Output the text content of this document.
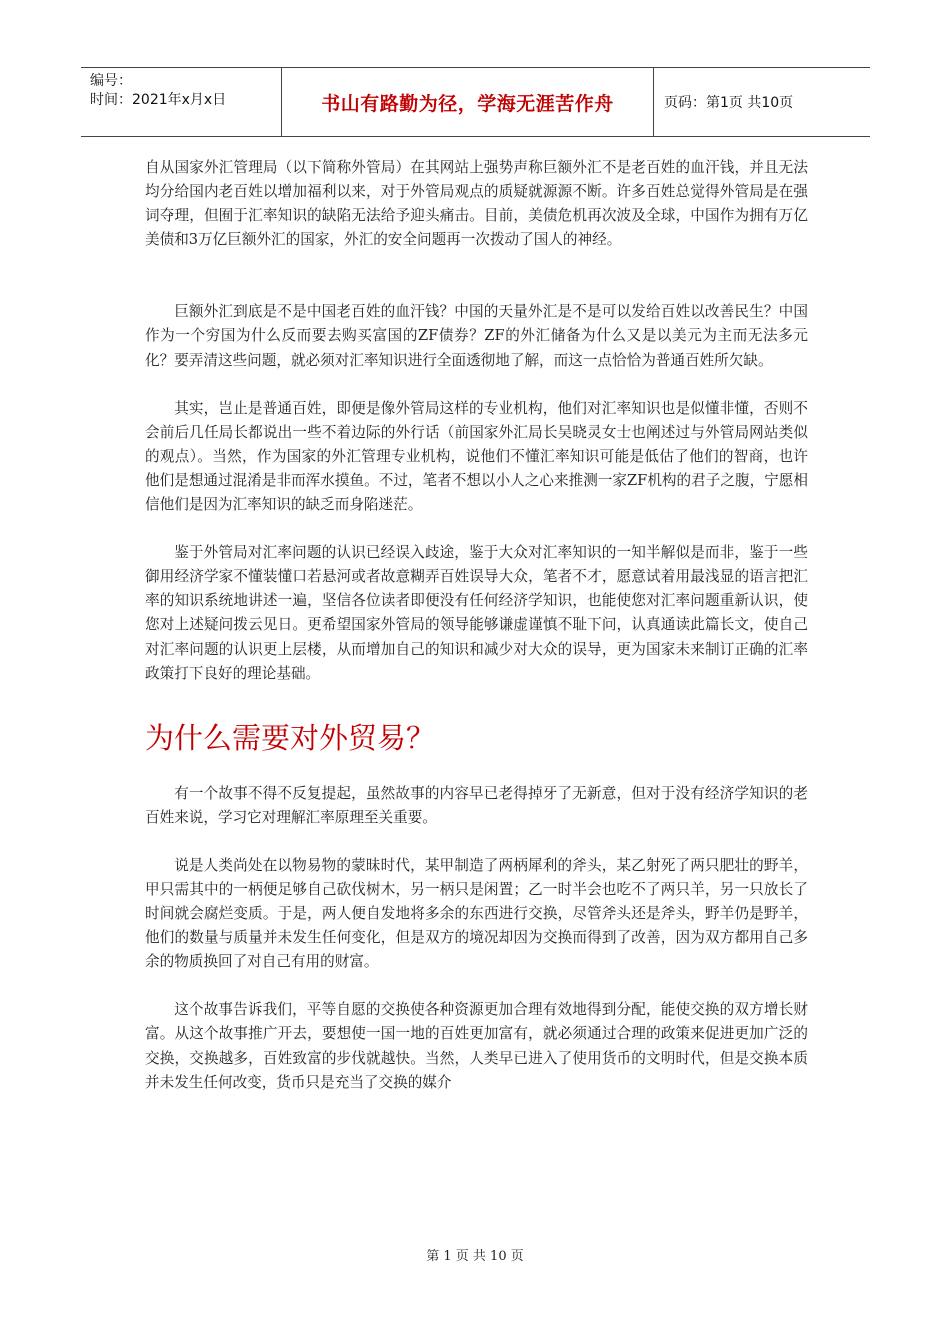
编号：
时间：2021年x月x日	书山有路勤为径，学海无涯苦作舟	页码：第1页 共10页

自从国家外汇管理局（以下简称外管局）在其网站上强势声称巨额外汇不是老百姓的血汗钱，并且无法均分给国内老百姓以增加福利以来，对于外管局观点的质疑就源源不断。许多百姓总觉得外管局是在强词夺理，但囿于汇率知识的缺陷无法给予迎头痛击。目前，美债危机再次波及全球，中国作为拥有万亿美债和3万亿巨额外汇的国家，外汇的安全问题再一次拨动了国人的神经。

巨额外汇到底是不是中国老百姓的血汗钱？中国的天量外汇是不是可以发给百姓以改善民生？中国作为一个穷国为什么反而要去购买富国的ZF债券？ZF的外汇储备为什么又是以美元为主而无法多元化？要弄清这些问题，就必须对汇率知识进行全面透彻地了解，而这一点恰恰为普通百姓所欠缺。

其实，岂止是普通百姓，即便是像外管局这样的专业机构，他们对汇率知识也是似懂非懂，否则不会前后几任局长都说出一些不着边际的外行话（前国家外汇局长吴晓灵女士也阐述过与外管局网站类似的观点）。当然，作为国家的外汇管理专业机构，说他们不懂汇率知识可能是低估了他们的智商，也许他们是想通过混淆是非而浑水摸鱼。不过，笔者不想以小人之心来推测一家ZF机构的君子之腹，宁愿相信他们是因为汇率知识的缺乏而身陷迷茫。

鉴于外管局对汇率问题的认识已经误入歧途，鉴于大众对汇率知识的一知半解似是而非，鉴于一些御用经济学家不懂装懂口若悬河或者故意糊弄百姓误导大众，笔者不才，愿意试着用最浅显的语言把汇率的知识系统地讲述一遍，坚信各位读者即便没有任何经济学知识，也能使您对汇率问题重新认识，使您对上述疑问拨云见日。更希望国家外管局的领导能够谦虚谨慎不耻下问，认真通读此篇长文，使自己对汇率问题的认识更上层楼，从而增加自己的知识和减少对大众的误导，更为国家未来制订正确的汇率政策打下良好的理论基础。

为什么需要对外贸易？

有一个故事不得不反复提起，虽然故事的内容早已老得掉牙了无新意，但对于没有经济学知识的老百姓来说，学习它对理解汇率原理至关重要。

说是人类尚处在以物易物的蒙昧时代，某甲制造了两柄犀利的斧头，某乙射死了两只肥壮的野羊，甲只需其中的一柄便足够自己砍伐树木，另一柄只是闲置；乙一时半会也吃不了两只羊，另一只放长了时间就会腐烂变质。于是，两人便自发地将多余的东西进行交换，尽管斧头还是斧头，野羊仍是野羊，他们的数量与质量并未发生任何变化，但是双方的境况却因为交换而得到了改善，因为双方都用自己多余的物质换回了对自己有用的财富。

这个故事告诉我们，平等自愿的交换使各种资源更加合理有效地得到分配，能使交换的双方增长财富。从这个故事推广开去，要想使一国一地的百姓更加富有，就必须通过合理的政策来促进更加广泛的交换，交换越多，百姓致富的步伐就越快。当然，人类早已进入了使用货币的文明时代，但是交换本质并未发生任何改变，货币只是充当了交换的媒介

第 1 页 共 10 页
